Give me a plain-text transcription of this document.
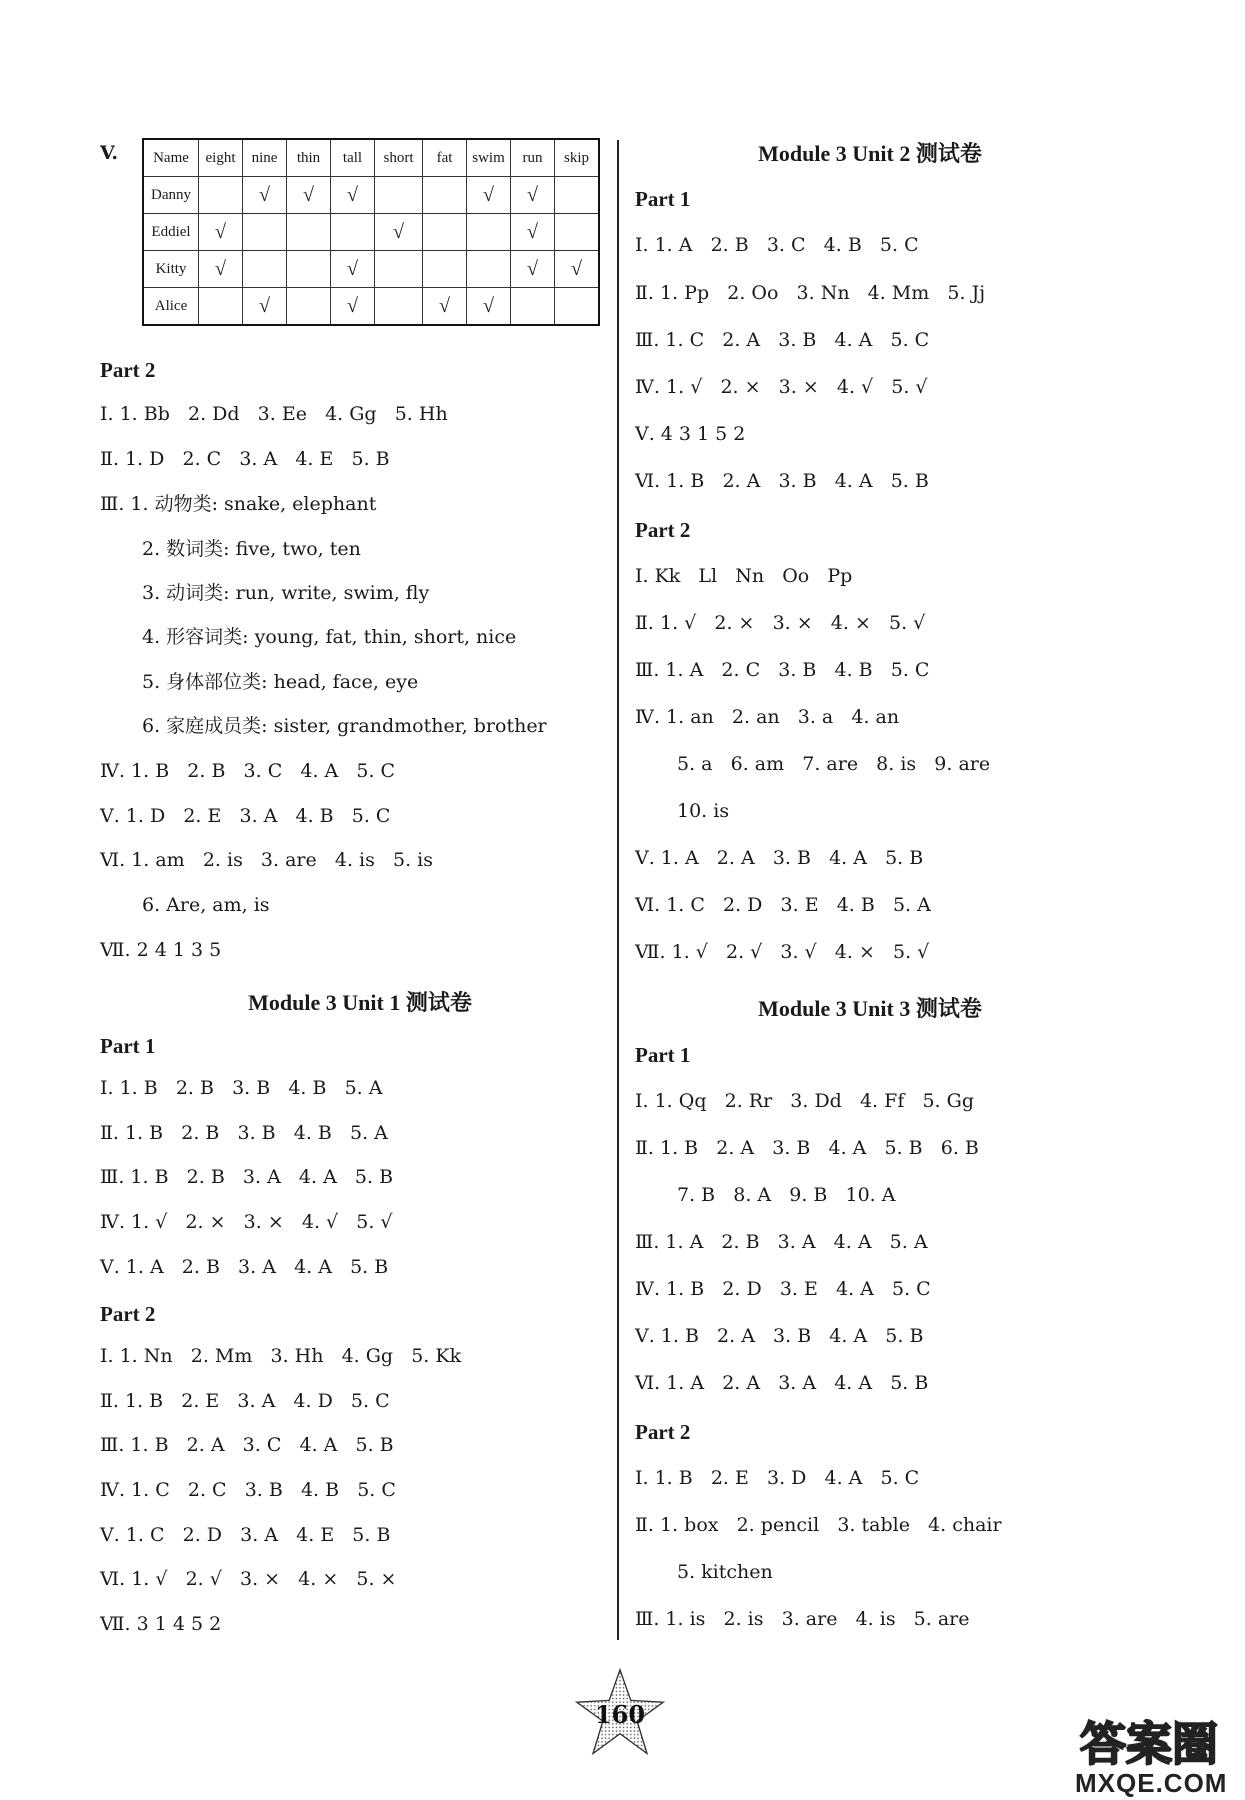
V. Name	eight	nine	thin	tall	short	fat	swim	run	skip
Danny		√	√	√			√	√	
Eddiel	√				√			√	
Kitty	√			√				√	√
Alice		√		√		√	√		
Part 2
Ⅰ. 1. Bb   2. Dd   3. Ee   4. Gg   5. Hh
Ⅱ. 1. D   2. C   3. A   4. E   5. B
Ⅲ. 1. 动物类: snake, elephant
2. 数词类: five, two, ten
3. 动词类: run, write, swim, fly
4. 形容词类: young, fat, thin, short, nice
5. 身体部位类: head, face, eye
6. 家庭成员类: sister, grandmother, brother
Ⅳ. 1. B   2. B   3. C   4. A   5. C
Ⅴ. 1. D   2. E   3. A   4. B   5. C
Ⅵ. 1. am   2. is   3. are   4. is   5. is
6. Are, am, is
Ⅶ. 2 4 1 3 5
Module 3 Unit 1 测试卷
Part 1
Ⅰ. 1. B   2. B   3. B   4. B   5. A
Ⅱ. 1. B   2. B   3. B   4. B   5. A
Ⅲ. 1. B   2. B   3. A   4. A   5. B
Ⅳ. 1. √   2. ×   3. ×   4. √   5. √
Ⅴ. 1. A   2. B   3. A   4. A   5. B
Part 2
Ⅰ. 1. Nn   2. Mm   3. Hh   4. Gg   5. Kk
Ⅱ. 1. B   2. E   3. A   4. D   5. C
Ⅲ. 1. B   2. A   3. C   4. A   5. B
Ⅳ. 1. C   2. C   3. B   4. B   5. C
Ⅴ. 1. C   2. D   3. A   4. E   5. B
Ⅵ. 1. √   2. √   3. ×   4. ×   5. ×
Ⅶ. 3 1 4 5 2
Module 3 Unit 2 测试卷
Part 1
Ⅰ. 1. A   2. B   3. C   4. B   5. C
Ⅱ. 1. Pp   2. Oo   3. Nn   4. Mm   5. Jj
Ⅲ. 1. C   2. A   3. B   4. A   5. C
Ⅳ. 1. √   2. ×   3. ×   4. √   5. √
Ⅴ. 4 3 1 5 2
Ⅵ. 1. B   2. A   3. B   4. A   5. B
Part 2
Ⅰ. Kk   Ll   Nn   Oo   Pp
Ⅱ. 1. √   2. ×   3. ×   4. ×   5. √
Ⅲ. 1. A   2. C   3. B   4. B   5. C
Ⅳ. 1. an   2. an   3. a   4. an
5. a   6. am   7. are   8. is   9. are
10. is
Ⅴ. 1. A   2. A   3. B   4. A   5. B
Ⅵ. 1. C   2. D   3. E   4. B   5. A
Ⅶ. 1. √   2. √   3. √   4. ×   5. √
Module 3 Unit 3 测试卷
Part 1
Ⅰ. 1. Qq   2. Rr   3. Dd   4. Ff   5. Gg
Ⅱ. 1. B   2. A   3. B   4. A   5. B   6. B
7. B   8. A   9. B   10. A
Ⅲ. 1. A   2. B   3. A   4. A   5. A
Ⅳ. 1. B   2. D   3. E   4. A   5. C
Ⅴ. 1. B   2. A   3. B   4. A   5. B
Ⅵ. 1. A   2. A   3. A   4. A   5. B
Part 2
Ⅰ. 1. B   2. E   3. D   4. A   5. C
Ⅱ. 1. box   2. pencil   3. table   4. chair
5. kitchen
Ⅲ. 1. is   2. is   3. are   4. is   5. are
160
答案圈
MXQE.COM
